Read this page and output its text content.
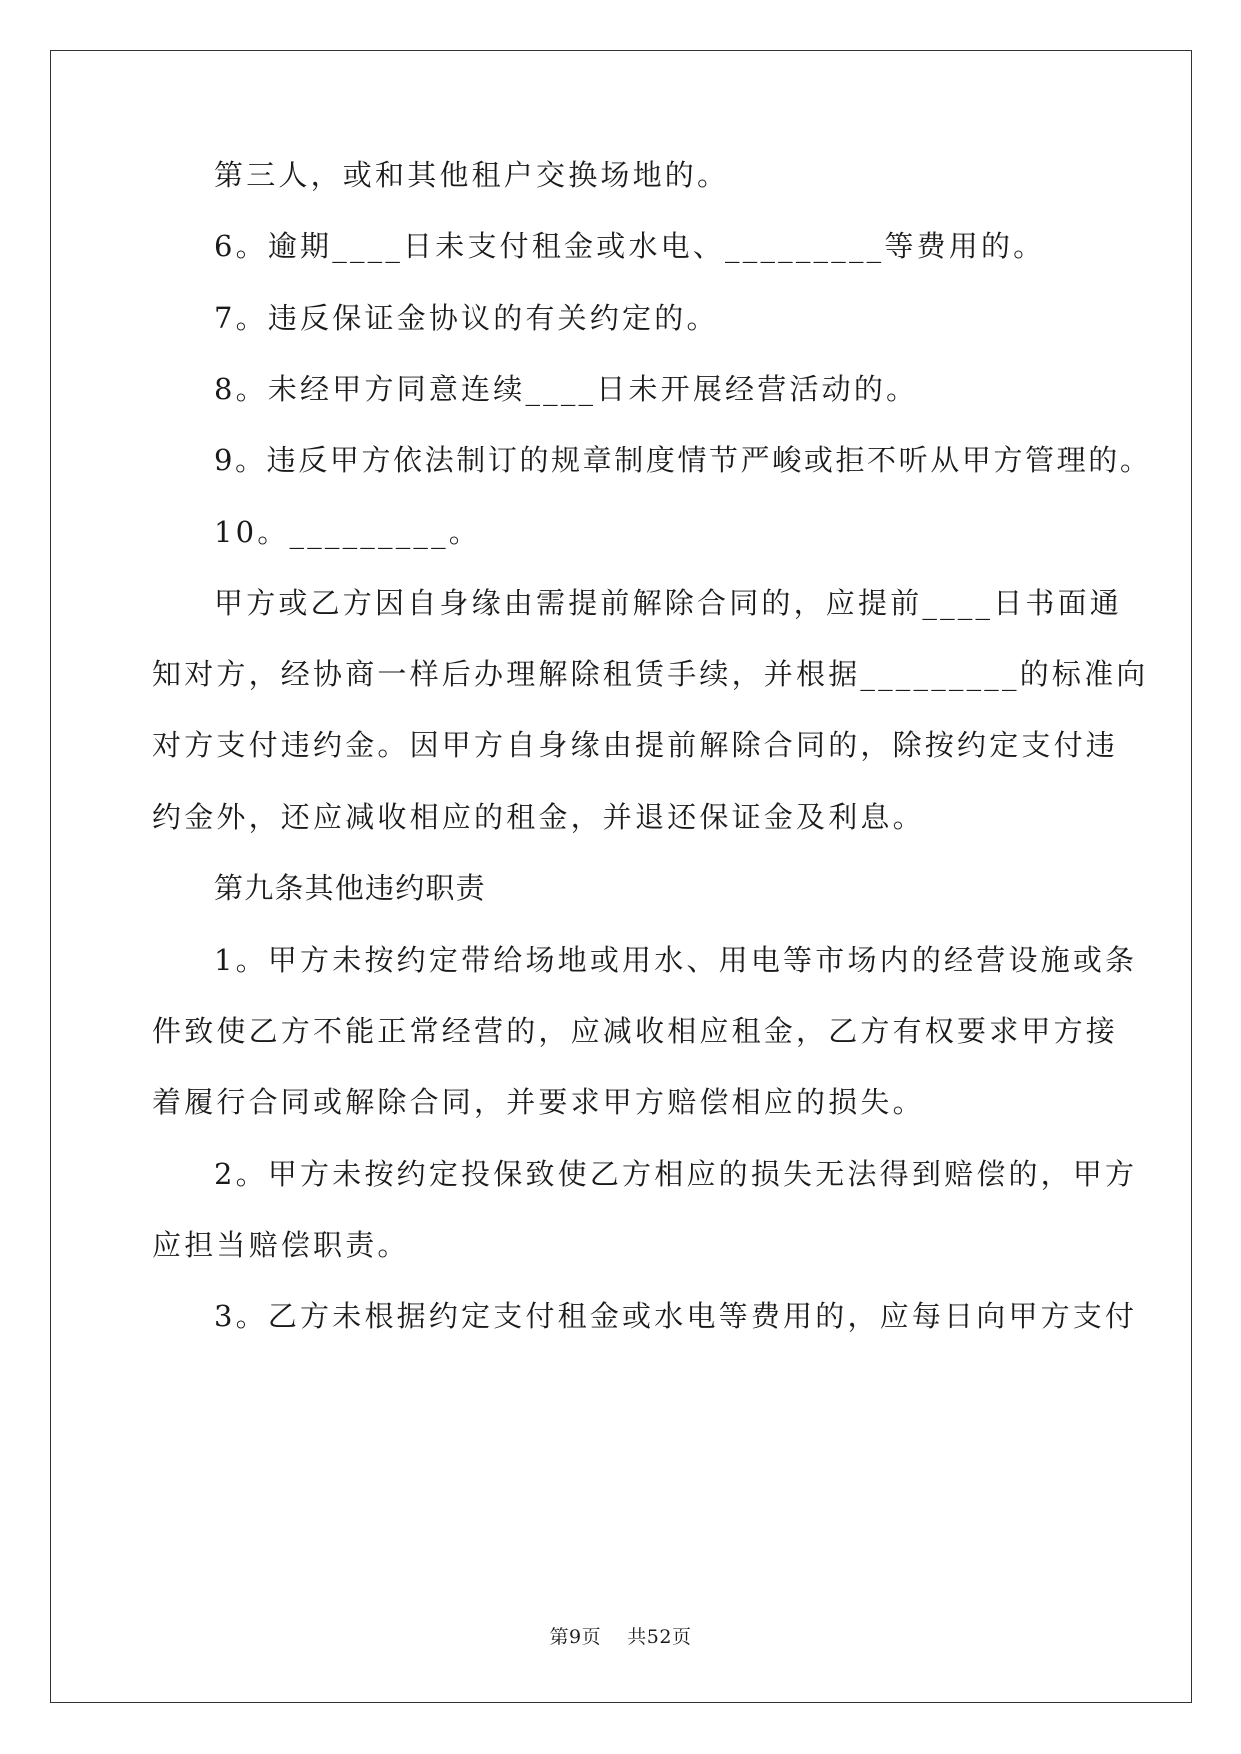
第三人，或和其他租户交换场地的。
6。逾期____日未支付租金或水电、_________等费用的。
7。违反保证金协议的有关约定的。
8。未经甲方同意连续____日未开展经营活动的。
9。违反甲方依法制订的规章制度情节严峻或拒不听从甲方管理的。
10。_________。
甲方或乙方因自身缘由需提前解除合同的，应提前____日书面通
知对方，经协商一样后办理解除租赁手续，并根据_________的标准向
对方支付违约金。因甲方自身缘由提前解除合同的，除按约定支付违
约金外，还应减收相应的租金，并退还保证金及利息。
第九条其他违约职责
1。甲方未按约定带给场地或用水、用电等市场内的经营设施或条
件致使乙方不能正常经营的，应减收相应租金，乙方有权要求甲方接
着履行合同或解除合同，并要求甲方赔偿相应的损失。
2。甲方未按约定投保致使乙方相应的损失无法得到赔偿的，甲方
应担当赔偿职责。
3。乙方未根据约定支付租金或水电等费用的，应每日向甲方支付
第9页 共52页
